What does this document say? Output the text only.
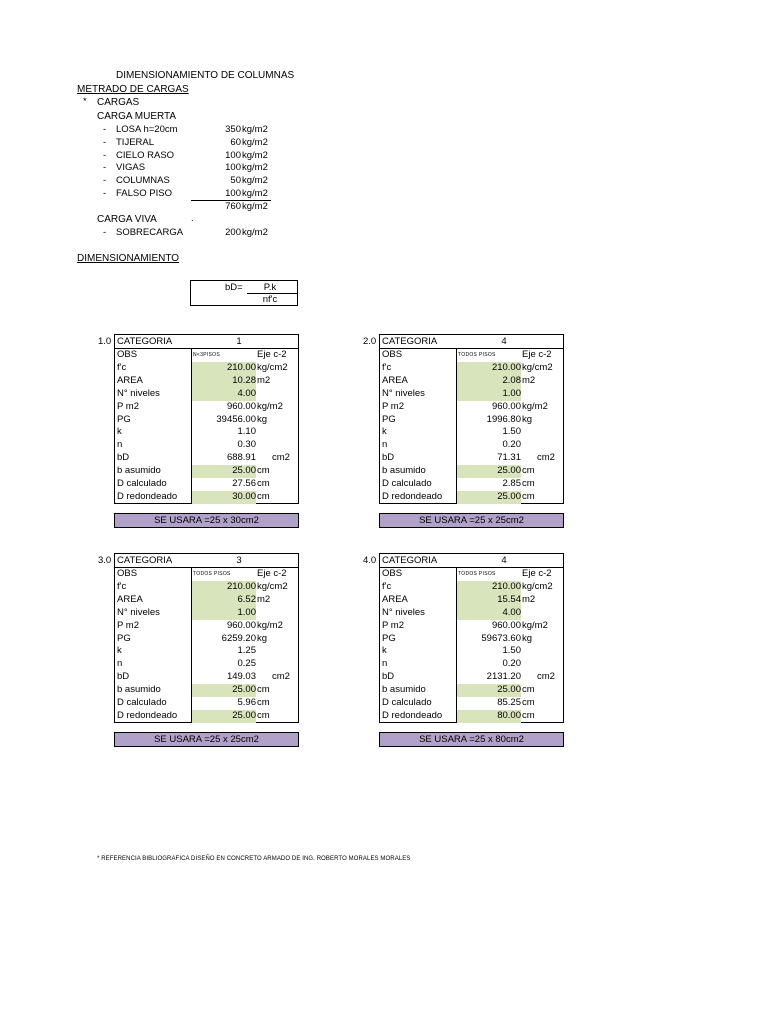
DIMENSIONAMIENTO DE COLUMNAS
METRADO DE CARGAS
* CARGAS
CARGA MUERTA
- LOSA h=20cm	350 kg/m2
- TIJERAL	60 kg/m2
- CIELO RASO	100 kg/m2
- VIGAS	100 kg/m2
- COLUMNAS	50 kg/m2
- FALSO PISO	100 kg/m2
760 kg/m2
CARGA VIVA	.
- SOBRECARGA	200 kg/m2
DIMENSIONAMIENTO
bD=	P.k
nf'c
1.0 CATEGORIA	1
OBS	N<3PISOS	Eje c-2
f'c	210.00 kg/cm2
AREA	10.28 m2
N° niveles	4.00
P m2	960.00 kg/m2
PG	39456.00 kg
k	1.10
n	0.30
bD	688.91 cm2
b asumido	25.00 cm
D calculado	27.56 cm
D redondeado	30.00 cm
SE USARA =25 x 30cm2
2.0 CATEGORIA	4
OBS	TODOS PISOS	Eje c-2
f'c	210.00 kg/cm2
AREA	2.08 m2
N° niveles	1.00
P m2	960.00 kg/m2
PG	1996.80 kg
k	1.50
n	0.20
bD	71.31 cm2
b asumido	25.00 cm
D calculado	2.85 cm
D redondeado	25.00 cm
SE USARA =25 x 25cm2
3.0 CATEGORIA	3
OBS	TODOS PISOS	Eje c-2
f'c	210.00 kg/cm2
AREA	6.52 m2
N° niveles	1.00
P m2	960.00 kg/m2
PG	6259.20 kg
k	1.25
n	0.25
bD	149.03 cm2
b asumido	25.00 cm
D calculado	5.96 cm
D redondeado	25.00 cm
SE USARA =25 x 25cm2
4.0 CATEGORIA	4
OBS	TODOS PISOS	Eje c-2
f'c	210.00 kg/cm2
AREA	15.54 m2
N° niveles	4.00
P m2	960.00 kg/m2
PG	59673.60 kg
k	1.50
n	0.20
bD	2131.20 cm2
b asumido	25.00 cm
D calculado	85.25 cm
D redondeado	80.00 cm
SE USARA =25 x 80cm2
* REFERENCIA BIBLIOGRAFICA DISEÑO EN CONCRETO ARMADO DE ING. ROBERTO MORALES MORALES
